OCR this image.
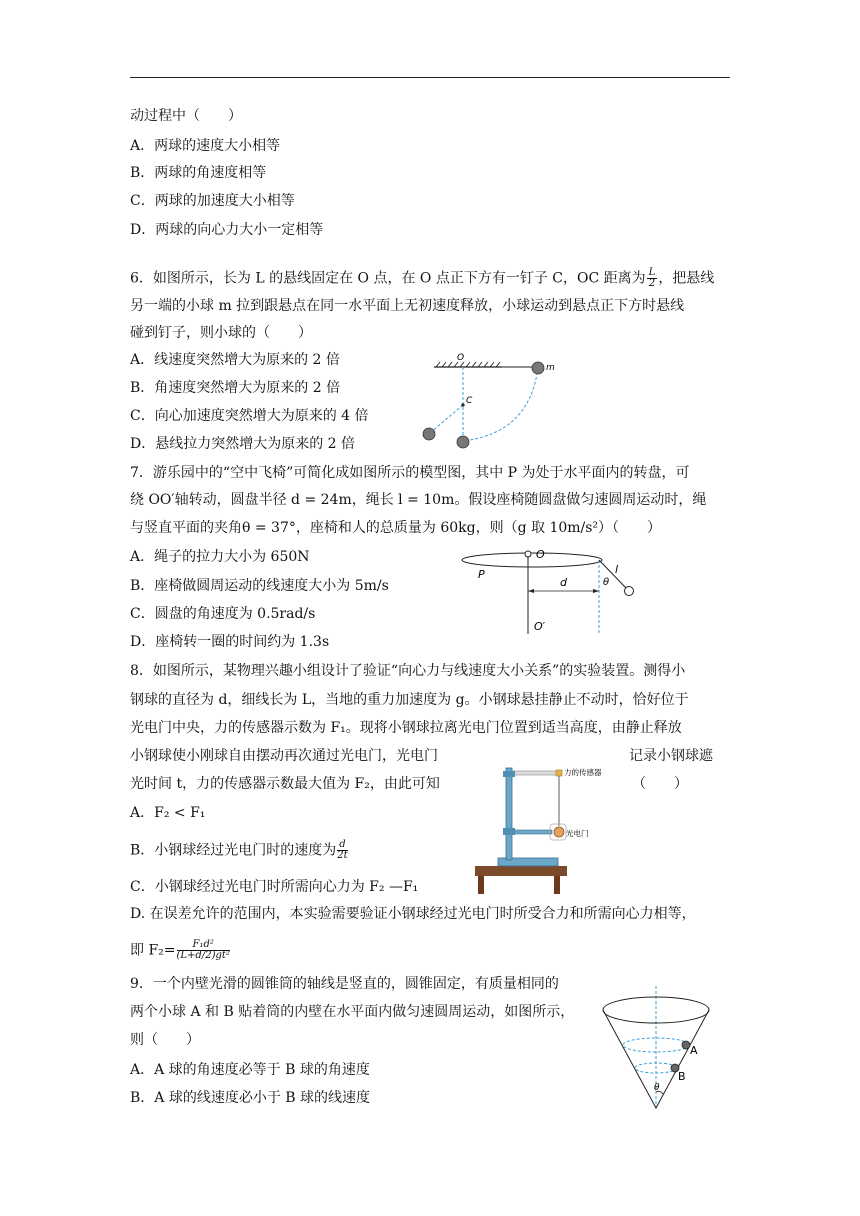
动过程中（　　）
A．两球的速度大小相等
B．两球的角速度相等
C．两球的加速度大小相等
D．两球的向心力大小一定相等
另一端的小球 m 拉到跟悬点在同一水平面上无初速度释放，小球运动到悬点正下方时悬线
碰到钉子，则小球的（　　）
A．线速度突然增大为原来的 2 倍
B．角速度突然增大为原来的 2 倍
C．向心加速度突然增大为原来的 4 倍
D．悬线拉力突然增大为原来的 2 倍
7．游乐园中的“空中飞椅”可简化成如图所示的模型图，其中 P 为处于水平面内的转盘，可
绕 OO′轴转动，圆盘半径 d = 24m，绳长 l = 10m。假设座椅随圆盘做匀速圆周运动时，绳
与竖直平面的夹角θ = 37°，座椅和人的总质量为 60kg，则（g 取 10m/s²）（　　）
A．绳子的拉力大小为 650N
B．座椅做圆周运动的线速度大小为 5m/s
C．圆盘的角速度为 0.5rad/s
D．座椅转一圈的时间约为 1.3s
8．如图所示，某物理兴趣小组设计了验证“向心力与线速度大小关系”的实验装置。测得小
钢球的直径为 d，细线长为 L，当地的重力加速度为 g。小钢球悬挂静止不动时，恰好位于
光电门中央，力的传感器示数为 F₁。现将小钢球拉离光电门位置到适当高度，由静止释放
小钢球使小刚球自由摆动再次通过光电门，光电门
光时间 t，力的传感器示数最大值为 F₂，由此可知
A．F₂ < F₁
C．小钢球经过光电门时所需向心力为 F₂ —F₁
D. 在误差允许的范围内，本实验需要验证小钢球经过光电门时所受合力和所需向心力相等，
9．一个内壁光滑的圆锥筒的轴线是竖直的，圆锥固定，有质量相同的
两个小球 A 和 B 贴着筒的内壁在水平面内做匀速圆周运动，如图所示，
则（　　）
A．A 球的角速度必等于 B 球的角速度
B．A 球的线速度必小于 B 球的线速度
6．如图所示，长为 L 的悬线固定在 O 点，在 O 点正下方有一钉子 C，OC 距离为 $\frac{L}{2}$ ，把悬线
记录小钢球遮
（　　）
B．小钢球经过光电门时的速度为 $\frac{d}{2t}$
即 $F_2= \frac{\text{F₁d²}}{\text{(L+d/2)gt²}}$
O
m
C
O
P
d
l
θ
O′
力的传感器
光电门
A
B
θ
